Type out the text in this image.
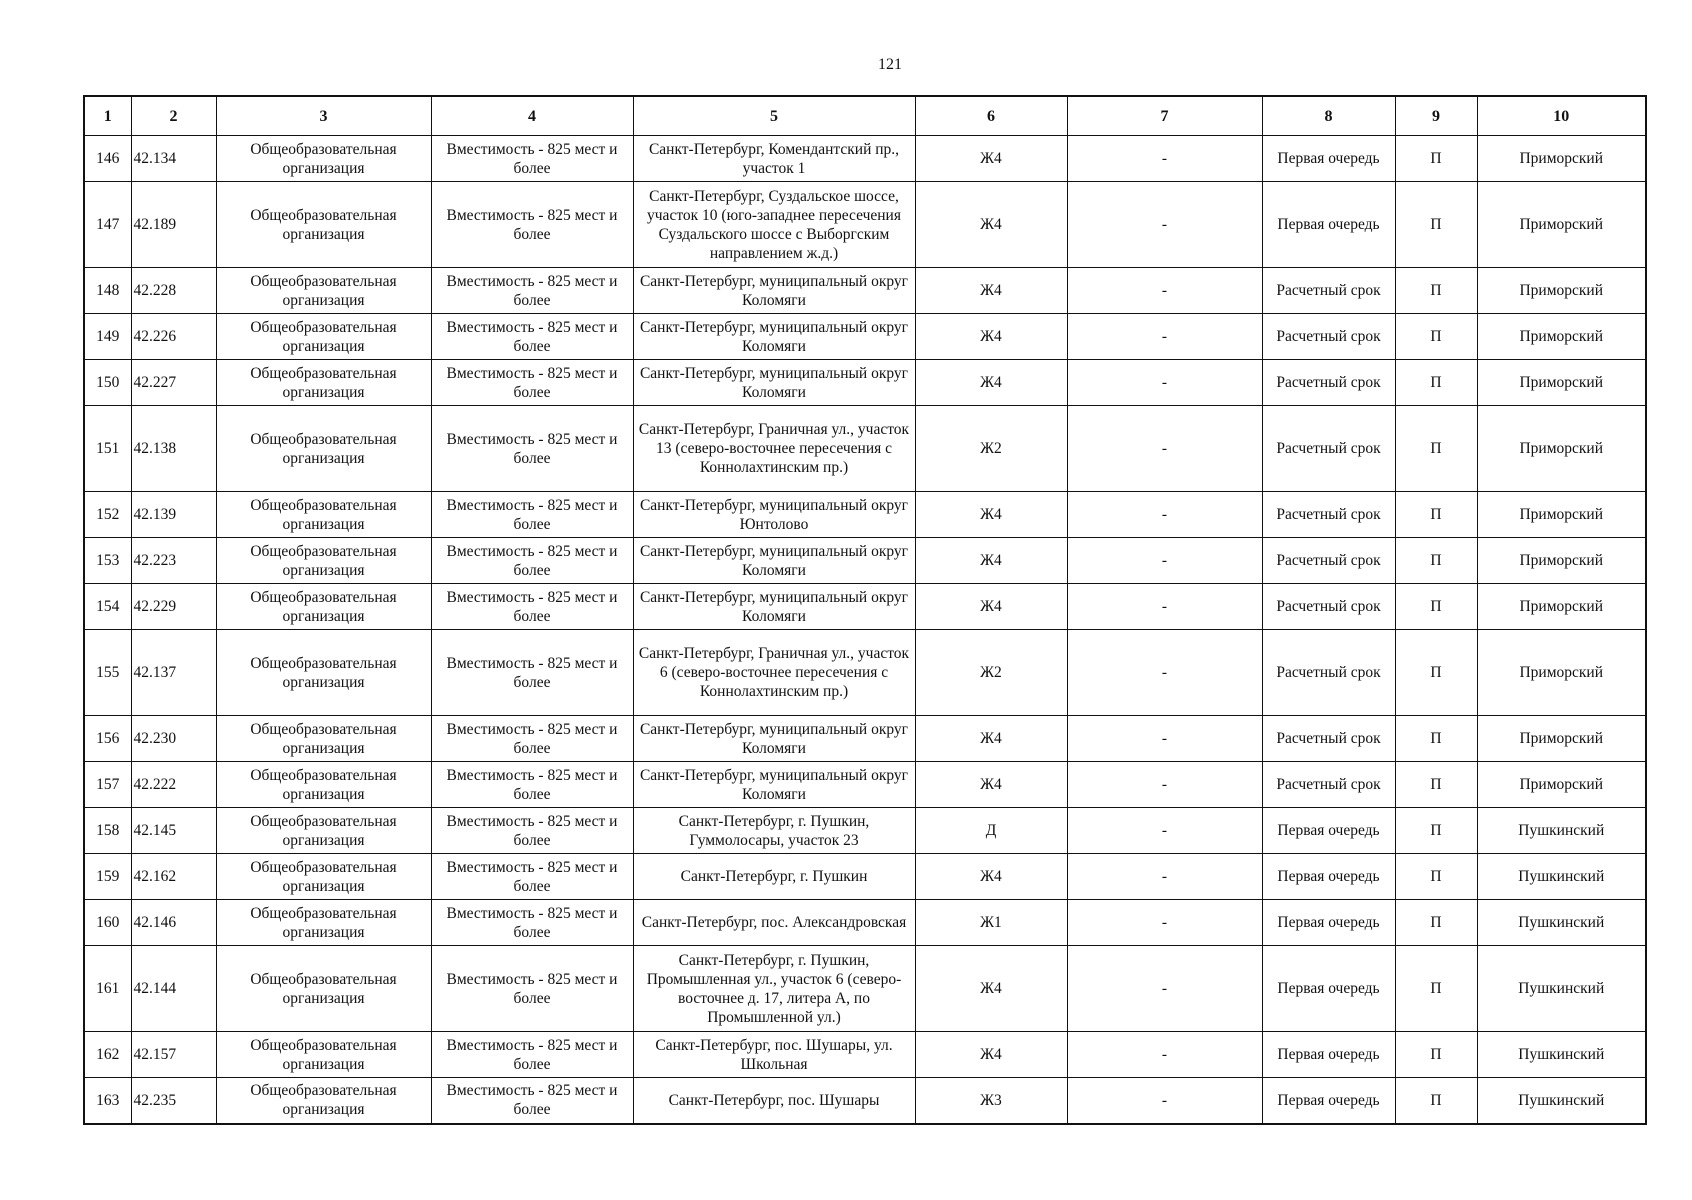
121
1	2	3	4	5	6	7	8	9	10
146	42.134	Общеобразовательная организация	Вместимость - 825 мест и более	Санкт-Петербург, Комендантский пр., участок 1	Ж4	-	Первая очередь	П	Приморский
147	42.189	Общеобразовательная организация	Вместимость - 825 мест и более	Санкт-Петербург, Суздальское шоссе, участок 10 (юго-западнее пересечения Суздальского шоссе с Выборгским направлением ж.д.)	Ж4	-	Первая очередь	П	Приморский
148	42.228	Общеобразовательная организация	Вместимость - 825 мест и более	Санкт-Петербург, муниципальный округ Коломяги	Ж4	-	Расчетный срок	П	Приморский
149	42.226	Общеобразовательная организация	Вместимость - 825 мест и более	Санкт-Петербург, муниципальный округ Коломяги	Ж4	-	Расчетный срок	П	Приморский
150	42.227	Общеобразовательная организация	Вместимость - 825 мест и более	Санкт-Петербург, муниципальный округ Коломяги	Ж4	-	Расчетный срок	П	Приморский
151	42.138	Общеобразовательная организация	Вместимость - 825 мест и более	Санкт-Петербург, Граничная ул., участок 13 (северо-восточнее пересечения с Коннолахтинским пр.)	Ж2	-	Расчетный срок	П	Приморский
152	42.139	Общеобразовательная организация	Вместимость - 825 мест и более	Санкт-Петербург, муниципальный округ Юнтолово	Ж4	-	Расчетный срок	П	Приморский
153	42.223	Общеобразовательная организация	Вместимость - 825 мест и более	Санкт-Петербург, муниципальный округ Коломяги	Ж4	-	Расчетный срок	П	Приморский
154	42.229	Общеобразовательная организация	Вместимость - 825 мест и более	Санкт-Петербург, муниципальный округ Коломяги	Ж4	-	Расчетный срок	П	Приморский
155	42.137	Общеобразовательная организация	Вместимость - 825 мест и более	Санкт-Петербург, Граничная ул., участок 6 (северо-восточнее пересечения с Коннолахтинским пр.)	Ж2	-	Расчетный срок	П	Приморский
156	42.230	Общеобразовательная организация	Вместимость - 825 мест и более	Санкт-Петербург, муниципальный округ Коломяги	Ж4	-	Расчетный срок	П	Приморский
157	42.222	Общеобразовательная организация	Вместимость - 825 мест и более	Санкт-Петербург, муниципальный округ Коломяги	Ж4	-	Расчетный срок	П	Приморский
158	42.145	Общеобразовательная организация	Вместимость - 825 мест и более	Санкт-Петербург, г. Пушкин, Гуммолосары, участок 23	Д	-	Первая очередь	П	Пушкинский
159	42.162	Общеобразовательная организация	Вместимость - 825 мест и более	Санкт-Петербург, г. Пушкин	Ж4	-	Первая очередь	П	Пушкинский
160	42.146	Общеобразовательная организация	Вместимость - 825 мест и более	Санкт-Петербург, пос. Александровская	Ж1	-	Первая очередь	П	Пушкинский
161	42.144	Общеобразовательная организация	Вместимость - 825 мест и более	Санкт-Петербург, г. Пушкин, Промышленная ул., участок 6 (северо-восточнее д. 17, литера А, по Промышленной ул.)	Ж4	-	Первая очередь	П	Пушкинский
162	42.157	Общеобразовательная организация	Вместимость - 825 мест и более	Санкт-Петербург, пос. Шушары, ул. Школьная	Ж4	-	Первая очередь	П	Пушкинский
163	42.235	Общеобразовательная организация	Вместимость - 825 мест и более	Санкт-Петербург, пос. Шушары	Ж3	-	Первая очередь	П	Пушкинский
